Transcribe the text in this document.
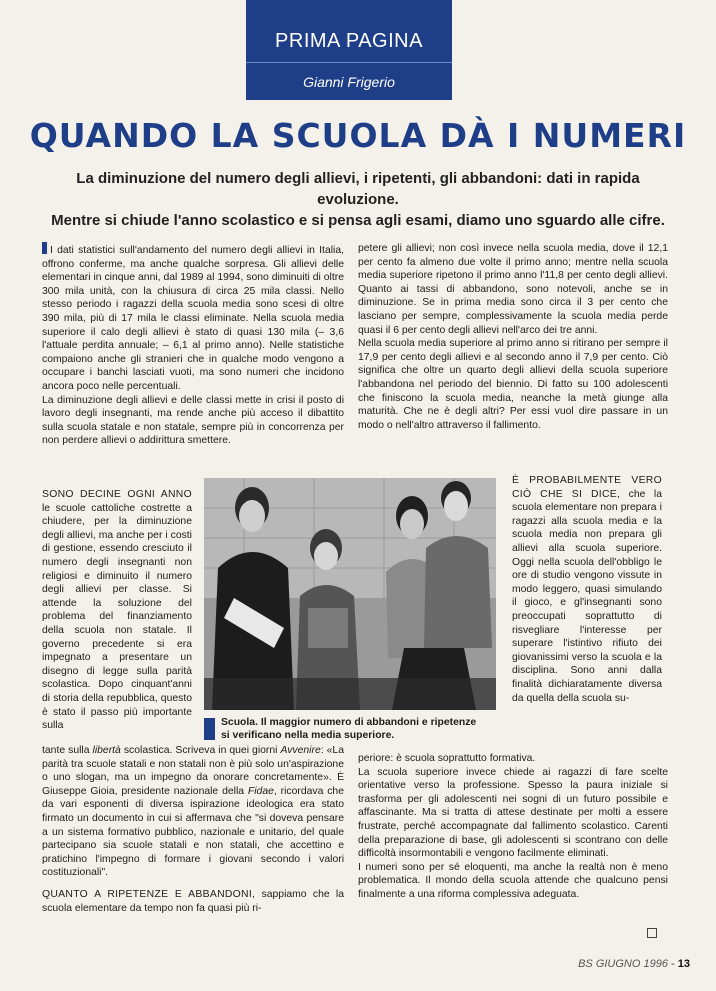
PRIMA PAGINA
Gianni Frigerio
QUANDO LA SCUOLA DÀ I NUMERI
La diminuzione del numero degli allievi, i ripetenti, gli abbandoni: dati in rapida evoluzione.
Mentre si chiude l'anno scolastico e si pensa agli esami, diamo uno sguardo alle cifre.

I dati statistici sull'andamento del numero degli allievi in Italia, offrono conferme, ma anche qualche sorpresa. Gli allievi delle elementari in cinque anni, dal 1989 al 1994, sono diminuiti di oltre 300 mila unità, con la chiusura di circa 25 mila classi. Nello stesso periodo i ragazzi della scuola media sono scesi di oltre 390 mila, più di 17 mila le classi eliminate. Nella scuola media superiore il calo degli allievi è stato di quasi 130 mila (– 3,6 l'attuale perdita annuale; – 6,1 al primo anno). Nelle statistiche compaiono anche gli stranieri che in qualche modo vengono a occupare i banchi lasciati vuoti, ma sono numeri che incidono ancora poco nelle percentuali.

La diminuzione degli allievi e delle classi mette in crisi il posto di lavoro degli insegnanti, ma rende anche più acceso il dibattito sulla scuola statale e non statale, sempre più in concorrenza per non perdere allievi o addirittura smettere.

petere gli allievi; non così invece nella scuola media, dove il 12,1 per cento fa almeno due volte il primo anno; mentre nella scuola media superiore ripetono il primo anno l'11,8 per cento degli allievi. Quanto ai tassi di abbandono, sono notevoli, anche se in diminuzione. Se in prima media sono circa il 3 per cento che lasciano per sempre, complessivamente la scuola media perde quasi il 6 per cento degli allievi nell'arco dei tre anni.

Nella scuola media superiore al primo anno si ritirano per sempre il 17,9 per cento degli allievi e al secondo anno il 7,9 per cento. Ciò significa che oltre un quarto degli allievi della scuola superiore l'abbandona nel periodo del biennio. Di fatto su 100 adolescenti che finiscono la scuola media, neanche la metà giunge alla maturità. Che ne è degli altri? Per essi vuol dire passare in un modo o nell'altro attraverso il fallimento.

SONO DECINE OGNI ANNO le scuole cattoliche costrette a chiudere, per la diminuzione degli allievi, ma anche per i costi di gestione, essendo cresciuto il numero degli insegnanti non religiosi e diminuito il numero degli allievi per classe. Si attende la soluzione del problema del finanziamento della scuola non statale. Il governo precedente si era impegnato a presentare un disegno di legge sulla parità scolastica. Dopo cinquant'anni di storia della repubblica, questo è stato il passo più importante sulla	Scuola. Il maggior numero di abbandoni e ripetenze si verificano nella media superiore.

È PROBABILMENTE VERO CIÒ CHE SI DICE, che la scuola elementare non prepara i ragazzi alla scuola media e la scuola media non prepara gli allievi alla scuola superiore. Oggi nella scuola dell'obbligo le ore di studio vengono vissute in modo leggero, quasi simulando il gioco, e gl'insegnanti sono preoccupati soprattutto di risvegliare l'interesse per superare l'istintivo rifiuto dei giovanissimi verso la scuola e la disciplina. Sono anni dalla finalità dichiaratamente diversa da quella della scuola su-

tante sulla libertà scolastica. Scriveva in quei giorni Avvenire: «La parità tra scuole statali e non statali non è più solo un'aspirazione o uno slogan, ma un impegno da onorare concretamente». È Giuseppe Gioia, presidente nazionale della Fidae, ricordava che da vari esponenti di diversa ispirazione ideologica era stato firmato un documento in cui si affermava che "si doveva pensare a un sistema formativo pubblico, nazionale e unitario, del quale partecipano sia scuole statali e non statali, che accettino e pratichino l'impegno di formare i giovani secondo i valori costituzionali".

QUANTO A RIPETENZE E ABBANDONI, sappiamo che la scuola elementare da tempo non fa quasi più ri-

periore: è scuola soprattutto formativa.

La scuola superiore invece chiede ai ragazzi di fare scelte orientative verso la professione. Spesso la paura iniziale si trasforma per gli adolescenti nei sogni di un futuro possibile e affascinante. Ma si tratta di attese destinate per molti a essere frustrate, perché accompagnate dal fallimento scolastico. Carenti della preparazione di base, gli adolescenti si scontrano con delle difficoltà insormontabili e vengono facilmente eliminati.

I numeri sono per sé eloquenti, ma anche la realtà non è meno problematica. Il mondo della scuola attende che qualcuno pensi finalmente a una riforma complessiva adeguata.

BS GIUGNO 1996 - 13
